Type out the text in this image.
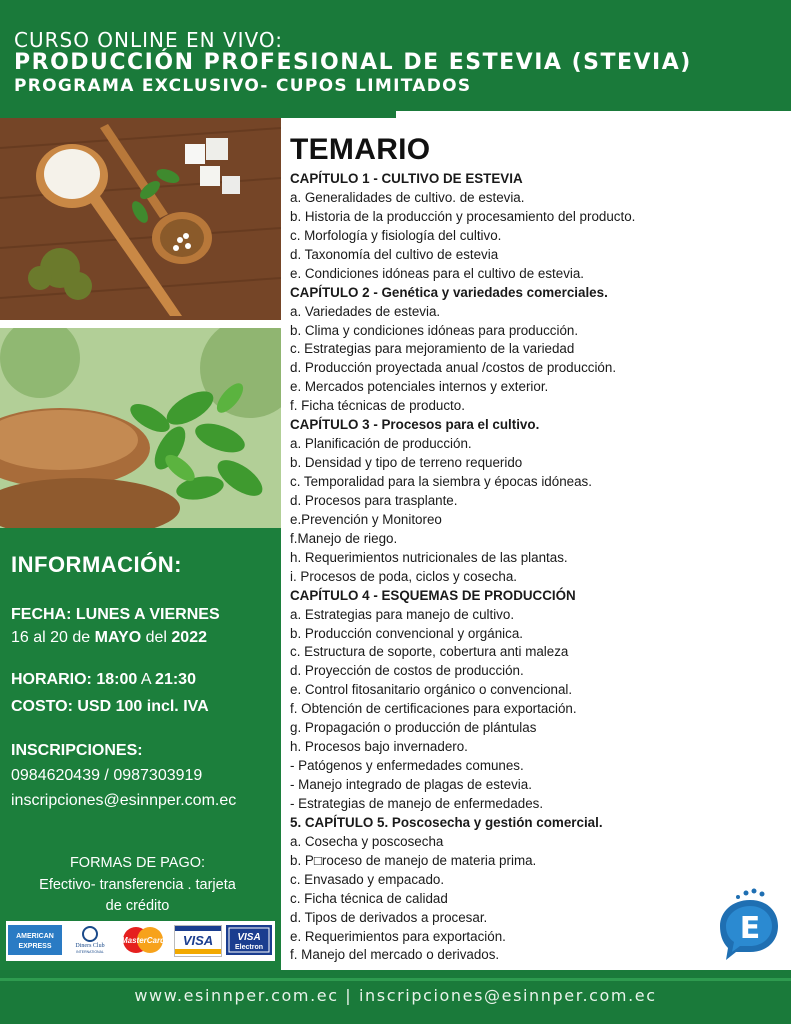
CURSO ONLINE EN VIVO:
PRODUCCIÓN PROFESIONAL DE ESTEVIA (STEVIA)
PROGRAMA EXCLUSIVO- CUPOS LIMITADOS
INFORMACIÓN:
FECHA: LUNES A VIERNES
16 al 20 de MAYO del 2022
HORARIO: 18:00 A 21:30
COSTO: USD 100 incl. IVA
INSCRIPCIONES:
0984620439 / 0987303919
inscripciones@esinnper.com.ec
FORMAS DE PAGO:
Efectivo- transferencia . tarjeta
de crédito
AMERICAN
EXPRESS	Diners Club
INTERNATIONAL
MasterCard VISA VISA
Electron
TEMARIO
CAPÍTULO 1 - CULTIVO DE ESTEVIA
a. Generalidades de cultivo. de estevia.
b. Historia de la producción y procesamiento del producto.
c. Morfología y fisiología del cultivo.
d. Taxonomía del cultivo de estevia
e. Condiciones idóneas para el cultivo de estevia.
CAPÍTULO 2 - Genética y variedades comerciales.
a. Variedades de estevia.
b. Clima y condiciones idóneas para producción.
c. Estrategias para mejoramiento de la variedad
d. Producción proyectada anual /costos de producción.
e. Mercados potenciales internos y exterior.
f. Ficha técnicas de producto.
CAPÍTULO 3 - Procesos para el cultivo.
a. Planificación de producción.
b. Densidad y tipo de terreno requerido
c. Temporalidad para la siembra y épocas idóneas.
d. Procesos para trasplante.
e.Prevención y Monitoreo
f.Manejo de riego.
h. Requerimientos nutricionales de las plantas.
i. Procesos de poda, ciclos y cosecha.
CAPÍTULO 4 - ESQUEMAS DE PRODUCCIÓN
a. Estrategias para manejo de cultivo.
b. Producción convencional y orgánica.
c. Estructura de soporte, cobertura anti maleza
d. Proyección de costos de producción.
e. Control fitosanitario orgánico o convencional.
f. Obtención de certificaciones para exportación.
g. Propagación o producción de plántulas
h. Procesos bajo invernadero.
- Patógenos y enfermedades comunes.
- Manejo integrado de plagas de estevia.
- Estrategias de manejo de enfermedades.
5. CAPÍTULO 5. Poscosecha y gestión comercial.
a. Cosecha y poscosecha
b. P□roceso de manejo de materia prima.
c. Envasado y empacado.
c. Ficha técnica de calidad
d. Tipos de derivados a procesar.
e. Requerimientos para exportación.
f. Manejo del mercado o derivados.
E
www.esinnper.com.ec | inscripciones@esinnper.com.ec
